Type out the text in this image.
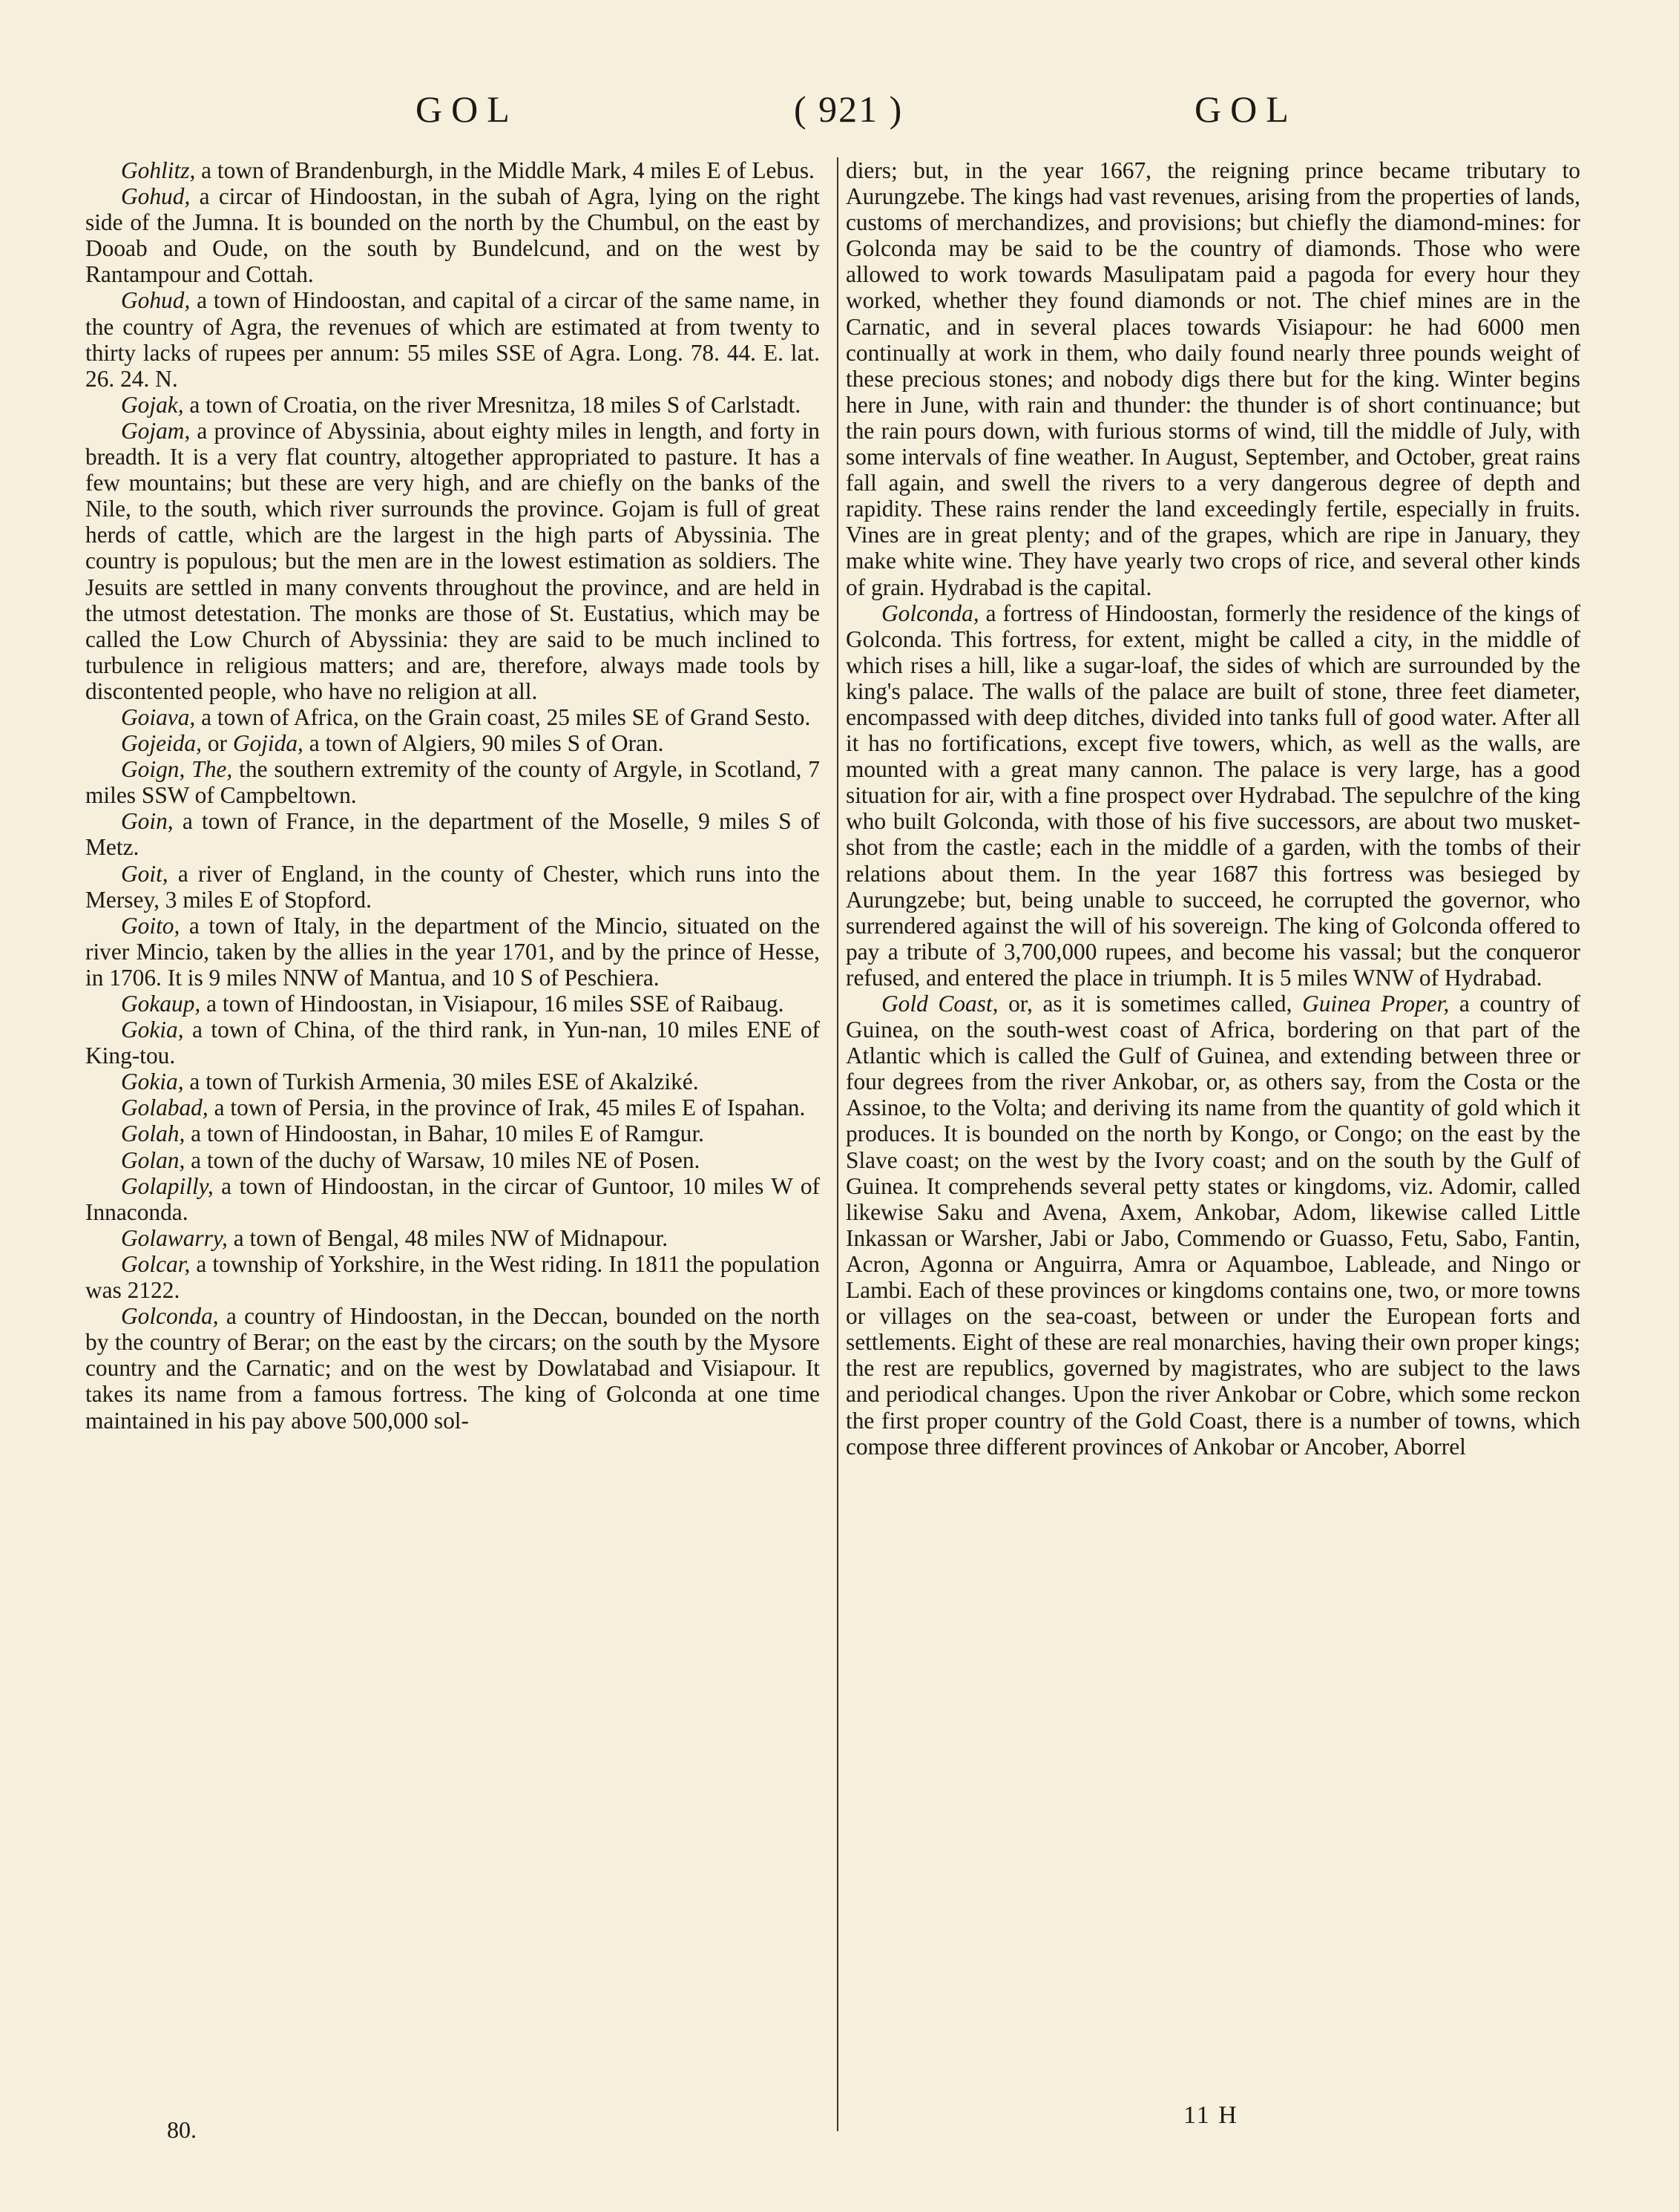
GOL	( 921 )	GOL

Gohlitz, a town of Brandenburgh, in the Middle Mark, 4 miles E of Lebus.

Gohud, a circar of Hindoostan, in the subah of Agra, lying on the right side of the Jumna. It is bounded on the north by the Chumbul, on the east by Dooab and Oude, on the south by Bundelcund, and on the west by Rantampour and Cottah.

Gohud, a town of Hindoostan, and capital of a circar of the same name, in the country of Agra, the revenues of which are estimated at from twenty to thirty lacks of rupees per annum: 55 miles SSE of Agra. Long. 78. 44. E. lat. 26. 24. N.

Gojak, a town of Croatia, on the river Mresnitza, 18 miles S of Carlstadt.

Gojam, a province of Abyssinia, about eighty miles in length, and forty in breadth. It is a very flat country, altogether appropriated to pasture. It has a few mountains; but these are very high, and are chiefly on the banks of the Nile, to the south, which river surrounds the province. Gojam is full of great herds of cattle, which are the largest in the high parts of Abyssinia. The country is populous; but the men are in the lowest estimation as soldiers. The Jesuits are settled in many convents throughout the province, and are held in the utmost detestation. The monks are those of St. Eustatius, which may be called the Low Church of Abyssinia: they are said to be much inclined to turbulence in religious matters; and are, therefore, always made tools by discontented people, who have no religion at all.

Goiava, a town of Africa, on the Grain coast, 25 miles SE of Grand Sesto.

Gojeida, or Gojida, a town of Algiers, 90 miles S of Oran.

Goign, The, the southern extremity of the county of Argyle, in Scotland, 7 miles SSW of Campbeltown.

Goin, a town of France, in the department of the Moselle, 9 miles S of Metz.

Goit, a river of England, in the county of Chester, which runs into the Mersey, 3 miles E of Stopford.

Goito, a town of Italy, in the department of the Mincio, situated on the river Mincio, taken by the allies in the year 1701, and by the prince of Hesse, in 1706. It is 9 miles NNW of Mantua, and 10 S of Peschiera.

Gokaup, a town of Hindoostan, in Visiapour, 16 miles SSE of Raibaug.

Gokia, a town of China, of the third rank, in Yun-nan, 10 miles ENE of King-tou.

Gokia, a town of Turkish Armenia, 30 miles ESE of Akalziké.

Golabad, a town of Persia, in the province of Irak, 45 miles E of Ispahan.

Golah, a town of Hindoostan, in Bahar, 10 miles E of Ramgur.

Golan, a town of the duchy of Warsaw, 10 miles NE of Posen.

Golapilly, a town of Hindoostan, in the circar of Guntoor, 10 miles W of Innaconda.

Golawarry, a town of Bengal, 48 miles NW of Midnapour.

Golcar, a township of Yorkshire, in the West riding. In 1811 the population was 2122.

Golconda, a country of Hindoostan, in the Deccan, bounded on the north by the country of Berar; on the east by the circars; on the south by the Mysore country and the Carnatic; and on the west by Dowlatabad and Visiapour. It takes its name from a famous fortress. The king of Golconda at one time maintained in his pay above 500,000 sol-

diers; but, in the year 1667, the reigning prince became tributary to Aurungzebe. The kings had vast revenues, arising from the properties of lands, customs of merchandizes, and provisions; but chiefly the diamond-mines: for Golconda may be said to be the country of diamonds. Those who were allowed to work towards Masulipatam paid a pagoda for every hour they worked, whether they found diamonds or not. The chief mines are in the Carnatic, and in several places towards Visiapour: he had 6000 men continually at work in them, who daily found nearly three pounds weight of these precious stones; and nobody digs there but for the king. Winter begins here in June, with rain and thunder: the thunder is of short continuance; but the rain pours down, with furious storms of wind, till the middle of July, with some intervals of fine weather. In August, September, and October, great rains fall again, and swell the rivers to a very dangerous degree of depth and rapidity. These rains render the land exceedingly fertile, especially in fruits. Vines are in great plenty; and of the grapes, which are ripe in January, they make white wine. They have yearly two crops of rice, and several other kinds of grain. Hydrabad is the capital.

Golconda, a fortress of Hindoostan, formerly the residence of the kings of Golconda. This fortress, for extent, might be called a city, in the middle of which rises a hill, like a sugar-loaf, the sides of which are surrounded by the king's palace. The walls of the palace are built of stone, three feet diameter, encompassed with deep ditches, divided into tanks full of good water. After all it has no fortifications, except five towers, which, as well as the walls, are mounted with a great many cannon. The palace is very large, has a good situation for air, with a fine prospect over Hydrabad. The sepulchre of the king who built Golconda, with those of his five successors, are about two musket-shot from the castle; each in the middle of a garden, with the tombs of their relations about them. In the year 1687 this fortress was besieged by Aurungzebe; but, being unable to succeed, he corrupted the governor, who surrendered against the will of his sovereign. The king of Golconda offered to pay a tribute of 3,700,000 rupees, and become his vassal; but the conqueror refused, and entered the place in triumph. It is 5 miles WNW of Hydrabad.

Gold Coast, or, as it is sometimes called, Guinea Proper, a country of Guinea, on the south-west coast of Africa, bordering on that part of the Atlantic which is called the Gulf of Guinea, and extending between three or four degrees from the river Ankobar, or, as others say, from the Costa or the Assinoe, to the Volta; and deriving its name from the quantity of gold which it produces. It is bounded on the north by Kongo, or Congo; on the east by the Slave coast; on the west by the Ivory coast; and on the south by the Gulf of Guinea. It comprehends several petty states or kingdoms, viz. Adomir, called likewise Saku and Avena, Axem, Ankobar, Adom, likewise called Little Inkassan or Warsher, Jabi or Jabo, Commendo or Guasso, Fetu, Sabo, Fantin, Acron, Agonna or Anguirra, Amra or Aquamboe, Lableade, and Ningo or Lambi. Each of these provinces or kingdoms contains one, two, or more towns or villages on the sea-coast, between or under the European forts and settlements. Eight of these are real monarchies, having their own proper kings; the rest are republics, governed by magistrates, who are subject to the laws and periodical changes. Upon the river Ankobar or Cobre, which some reckon the first proper country of the Gold Coast, there is a number of towns, which compose three different provinces of Ankobar or Ancober, Aborrel

80.
11 H
